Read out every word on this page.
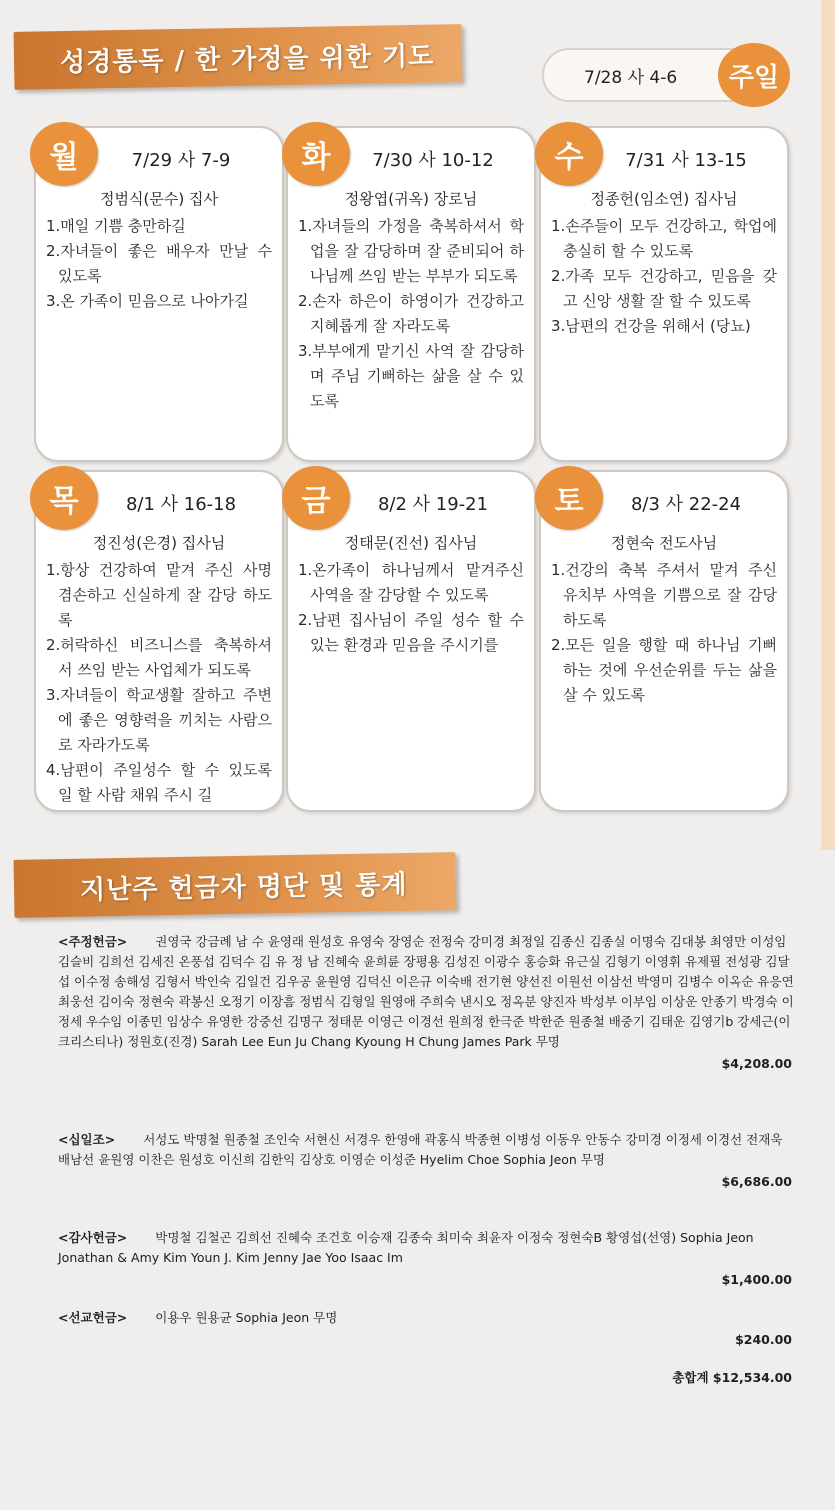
성경통독 / 한 가정을 위한 기도	7/28 사 4-6 주일
월	7/29 사 7-9
정범식(문수) 집사
1.매일 기쁨 충만하길
2.자녀들이 좋은 배우자 만날 수 있도록
3.온 가족이 믿음으로 나아가길
화	7/30 사 10-12
정왕엽(귀옥) 장로님
1.자녀들의 가정을 축복하셔서 학업을 잘 감당하며 잘 준비되어 하나님께 쓰임 받는 부부가 되도록
2.손자 하은이 하영이가 건강하고 지혜롭게 잘 자라도록
3.부부에게 맡기신 사역 잘 감당하며 주님 기뻐하는 삶을 살 수 있도록
수	7/31 사 13-15
정종헌(임소연) 집사님
1.손주들이 모두 건강하고, 학업에 충실히 할 수 있도록
2.가족 모두 건강하고, 믿음을 갖고 신앙 생활 잘 할 수 있도록
3.남편의 건강을 위해서 (당뇨)
목	8/1 사 16-18
정진성(은경) 집사님
1.항상 건강하여 맡겨 주신 사명 겸손하고 신실하게 잘 감당 하도록
2.허락하신 비즈니스를 축복하셔서 쓰임 받는 사업체가 되도록
3.자녀들이 학교생활 잘하고 주변에 좋은 영향력을 끼치는 사람으로 자라가도록
4.남편이 주일성수 할 수 있도록 일 할 사람 채워 주시 길
금	8/2 사 19-21
정태문(진선) 집사님
1.온가족이 하나님께서 맡겨주신 사역을 잘 감당할 수 있도록
2.남편 집사님이 주일 성수 할 수 있는 환경과 믿음을 주시기를
토	8/3 사 22-24
정현숙 전도사님
1.건강의 축복 주셔서 맡겨 주신 유치부 사역을 기쁨으로 잘 감당 하도록
2.모든 일을 행할 때 하나님 기뻐하는 것에 우선순위를 두는 삶을 살 수 있도록
지난주 헌금자 명단 및 통계
<주정헌금> 권영국 강금례 남 수 윤영래 원성호 유영숙 장영순 전정숙 강미경 최정일 김종신 김종실 이명숙 김대봉 최영만 이성임 김슬비 김희선 김세진 온풍섭 김덕수 김 유 정 남 진혜숙 윤희륜 장평용 김성진 이광수 홍승화 유근실 김형기 이영휘 유제필 전성광 김달섭 이수정 송해성 김형서 박인숙 김일건 김우공 윤원영 김덕신 이은규 이숙배 전기현 양선진 이원선 이삼선 박영미 김병수 이옥순 유응연 최웅선 김이숙 정현숙 곽봉신 오정기 이장흠 정범식 김형일 원영애 주희숙 낸시오 정옥분 양진자 박성부 이부임 이상운 안종기 박경숙 이정세 우수임 이종민 임상수 유영한 강중선 김명구 정태문 이영근 이경선 원희정 한극준 박한준 원종철 배중기 김태운 김영기b 강세근(이크리스티나) 정원호(진경) Sarah Lee Eun Ju Chang Kyoung H Chung James Park 무명
$4,208.00
<십일조> 서성도 박명철 원종철 조인숙 서현신 서경우 한영애 곽홍식 박종현 이병성 이동우 안동수 강미경 이정세 이경선 전재욱 배남선 윤원영 이찬은 원성호 이신희 김한익 김상호 이영순 이성준 Hyelim Choe Sophia Jeon 무명
$6,686.00
<감사헌금> 박명철 김철곤 김희선 진혜숙 조건호 이승재 김종숙 최미숙 최윤자 이정숙 정현숙B 황영섭(선영) Sophia Jeon Jonathan & Amy Kim Youn J. Kim Jenny Jae Yoo Isaac Im
$1,400.00
<선교헌금> 이용우 원용균 Sophia Jeon 무명
$240.00
총합계 $12,534.00
